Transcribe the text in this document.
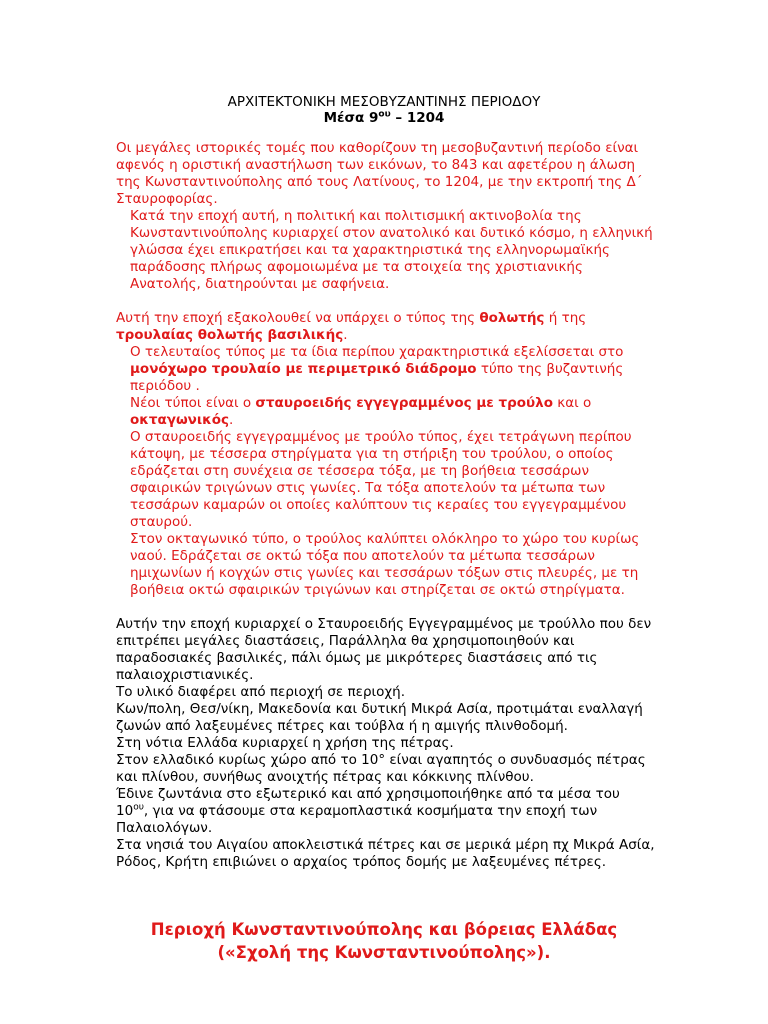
ΑΡΧΙΤΕΚΤΟΝΙΚΗ ΜΕΣΟΒΥΖΑΝΤΙΝΗΣ ΠΕΡΙΟΔΟΥ
Μέσα $9^{o\upsilon} - 1204$

Οι μεγάλες ιστορικές τομές που καθορίζουν τη μεσοβυζαντινή περίοδο είναι αφενός η οριστική αναστήλωση των εικόνων, το 843 και αφετέρου η άλωση της Κωνσταντινούπολης από τους Λατίνους, το 1204, με την εκτροπή της Δ΄ Σταυροφορίας.

Κατά την εποχή αυτή, η πολιτική και πολιτισμική ακτινοβολία της Κωνσταντινούπολης κυριαρχεί στον ανατολικό και δυτικό κόσμο, η ελληνική γλώσσα έχει επικρατήσει και τα χαρακτηριστικά της ελληνορωμαϊκής παράδοσης πλήρως αφομοιωμένα με τα στοιχεία της χριστιανικής Ανατολής, διατηρούνται με σαφήνεια.

Αυτή την εποχή εξακολουθεί να υπάρχει ο τύπος της θολωτής ή της τρουλαίας θολωτής βασιλικής.

Ο τελευταίος τύπος με τα ίδια περίπου χαρακτηριστικά εξελίσσεται στο μονόχωρο τρουλαίο με περιμετρικό διάδρομο τύπο της βυζαντινής περιόδου .

Νέοι τύποι είναι ο σταυροειδής εγγεγραμμένος με τρούλο και ο οκταγωνικός.

Ο σταυροειδής εγγεγραμμένος με τρούλο τύπος, έχει τετράγωνη περίπου κάτοψη, με τέσσερα στηρίγματα για τη στήριξη του τρούλου, ο οποίος εδράζεται στη συνέχεια σε τέσσερα τόξα, με τη βοήθεια τεσσάρων σφαιρικών τριγώνων στις γωνίες. Τα τόξα αποτελούν τα μέτωπα των τεσσάρων καμαρών οι οποίες καλύπτουν τις κεραίες του εγγεγραμμένου σταυρού.

Στον οκταγωνικό τύπο, ο τρούλος καλύπτει ολόκληρο το χώρο του κυρίως ναού. Εδράζεται σε οκτώ τόξα που αποτελούν τα μέτωπα τεσσάρων ημιχωνίων ή κογχών στις γωνίες και τεσσάρων τόξων στις πλευρές, με τη βοήθεια οκτώ σφαιρικών τριγώνων και στηρίζεται σε οκτώ στηρίγματα.

Αυτήν την εποχή κυριαρχεί ο Σταυροειδής Εγγεγραμμένος με τρούλλο που δεν επιτρέπει μεγάλες διαστάσεις, Παράλληλα θα χρησιμοποιηθούν και παραδοσιακές βασιλικές, πάλι όμως με μικρότερες διαστάσεις από τις παλαιοχριστιανικές.

Το υλικό διαφέρει από περιοχή σε περιοχή.

Κων/πολη, Θεσ/νίκη, Μακεδονία και δυτική Μικρά Ασία, προτιμάται εναλλαγή ζωνών από λαξευμένες πέτρες και τούβλα ή η αμιγής πλινθοδομή.

Στη νότια Ελλάδα κυριαρχεί η χρήση της πέτρας.

Στον ελλαδικό κυρίως χώρο από το 10° είναι αγαπητός ο συνδυασμός πέτρας και πλίνθου, συνήθως ανοιχτής πέτρας και κόκκινης πλίνθου.

Έδινε ζωντάνια στο εξωτερικό και από χρησιμοποιήθηκε από τα μέσα του $10^{o\upsilon}$, για να φτάσουμε στα κεραμοπλαστικά κοσμήματα την εποχή των Παλαιολόγων.

Στα νησιά του Αιγαίου αποκλειστικά πέτρες και σε μερικά μέρη πχ Μικρά Ασία, Ρόδος, Κρήτη επιβιώνει ο αρχαίος τρόπος δομής με λαξευμένες πέτρες.

Περιοχή Κωνσταντινούπολης και βόρειας Ελλάδας
(«Σχολή της Κωνσταντινούπολης»).
